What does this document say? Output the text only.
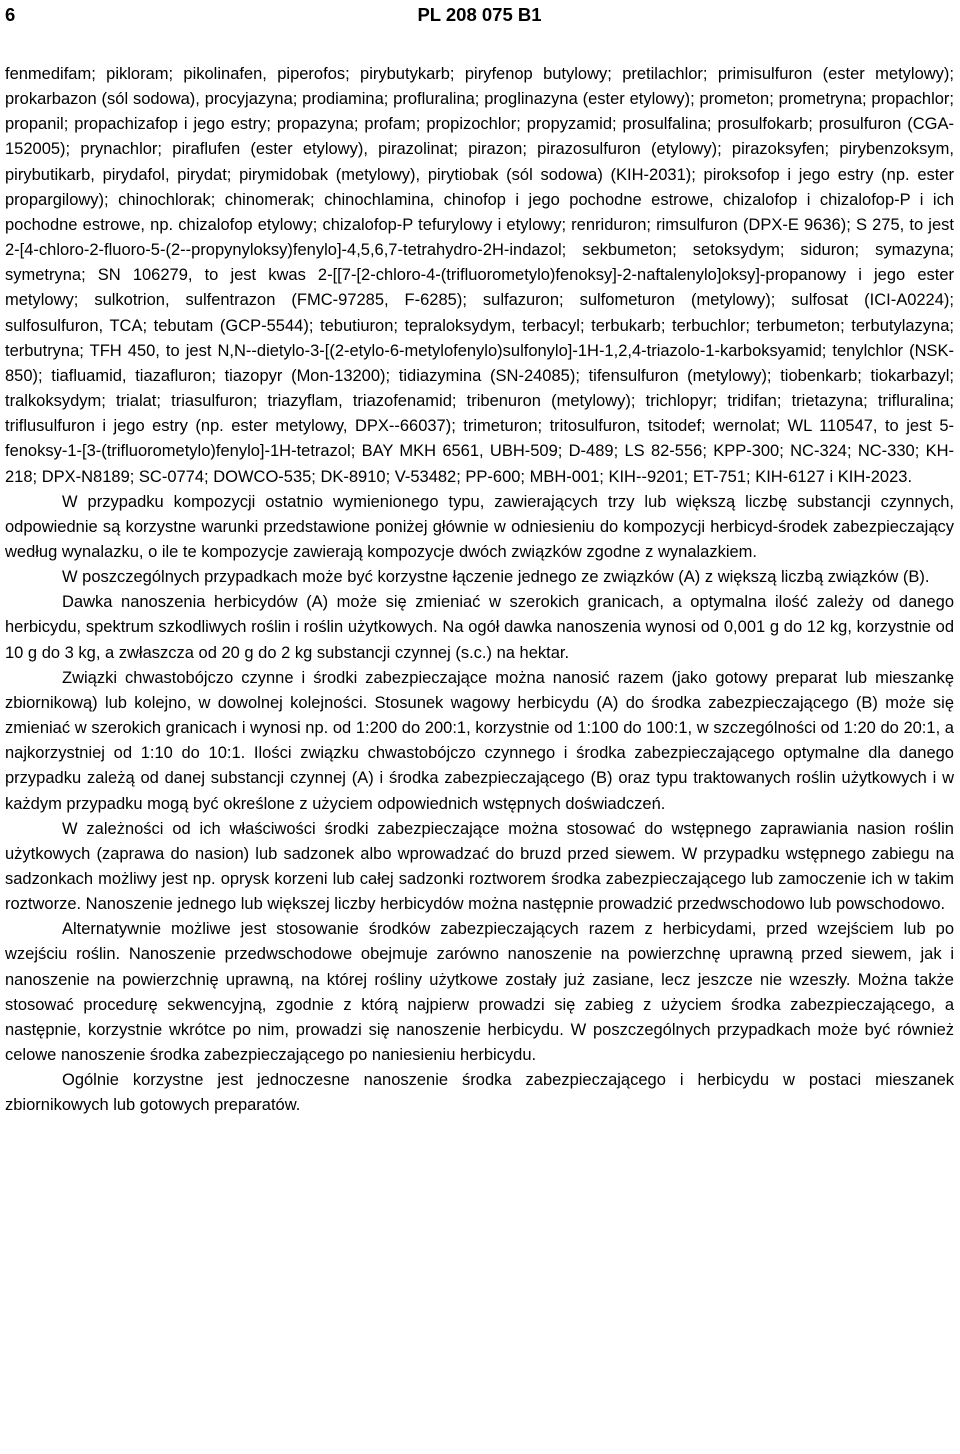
6	PL 208 075 B1

fenmedifam; pikloram; pikolinafen, piperofos; pirybutykarb; piryfenop butylowy; pretilachlor; primisulfuron (ester metylowy); prokarbazon (sól sodowa), procyjazyna; prodiamina; profluralina; proglinazyna (ester etylowy); prometon; prometryna; propachlor; propanil; propachizafop i jego estry; propazyna; profam; propizochlor; propyzamid; prosulfalina; prosulfokarb; prosulfuron (CGA-152005); prynachlor; piraflufen (ester etylowy), pirazolinat; pirazon; pirazosulfuron (etylowy); pirazoksyfen; pirybenzoksym, pirybutikarb, pirydafol, pirydat; pirymidobak (metylowy), pirytiobak (sól sodowa) (KIH-2031); piroksofop i jego estry (np. ester propargilowy); chinochlorak; chinomerak; chinochlamina, chinofop i jego pochodne estrowe, chizalofop i chizalofop-P i ich pochodne estrowe, np. chizalofop etylowy; chizalofop-P tefurylowy i etylowy; renriduron; rimsulfuron (DPX-E 9636); S 275, to jest 2-[4-chloro-2-fluoro-5-(2--propynyloksy)fenylo]-4,5,6,7-tetrahydro-2H-indazol; sekbumeton; setoksydym; siduron; symazyna; symetryna; SN 106279, to jest kwas 2-[[7-[2-chloro-4-(trifluorometylo)fenoksy]-2-naftalenylo]oksy]-propanowy i jego ester metylowy; sulkotrion, sulfentrazon (FMC-97285, F-6285); sulfazuron; sulfometuron (metylowy); sulfosat (ICI-A0224); sulfosulfuron, TCA; tebutam (GCP-5544); tebutiuron; tepraloksydym, terbacyl; terbukarb; terbuchlor; terbumeton; terbutylazyna; terbutryna; TFH 450, to jest N,N--dietylo-3-[(2-etylo-6-metylofenylo)sulfonylo]-1H-1,2,4-triazolo-1-karboksyamid; tenylchlor (NSK-850); tiafluamid, tiazafluron; tiazopyr (Mon-13200); tidiazymina (SN-24085); tifensulfuron (metylowy); tiobenkarb; tiokarbazyl; tralkoksydym; trialat; triasulfuron; triazyflam, triazofenamid; tribenuron (metylowy); trichlopyr; tridifan; trietazyna; trifluralina; triflusulfuron i jego estry (np. ester metylowy, DPX--66037); trimeturon; tritosulfuron, tsitodef; wernolat; WL 110547, to jest 5-fenoksy-1-[3-(trifluorometylo)fenylo]-1H-tetrazol; BAY MKH 6561, UBH-509; D-489; LS 82-556; KPP-300; NC-324; NC-330; KH-218; DPX-N8189; SC-0774; DOWCO-535; DK-8910; V-53482; PP-600; MBH-001; KIH--9201; ET-751; KIH-6127 i KIH-2023.

W przypadku kompozycji ostatnio wymienionego typu, zawierających trzy lub większą liczbę substancji czynnych, odpowiednie są korzystne warunki przedstawione poniżej głównie w odniesieniu do kompozycji herbicyd-środek zabezpieczający według wynalazku, o ile te kompozycje zawierają kompozycje dwóch związków zgodne z wynalazkiem.

W poszczególnych przypadkach może być korzystne łączenie jednego ze związków (A) z większą liczbą związków (B).

Dawka nanoszenia herbicydów (A) może się zmieniać w szerokich granicach, a optymalna ilość zależy od danego herbicydu, spektrum szkodliwych roślin i roślin użytkowych. Na ogół dawka nanoszenia wynosi od 0,001 g do 12 kg, korzystnie od 10 g do 3 kg, a zwłaszcza od 20 g do 2 kg substancji czynnej (s.c.) na hektar.

Związki chwastobójczo czynne i środki zabezpieczające można nanosić razem (jako gotowy preparat lub mieszankę zbiornikową) lub kolejno, w dowolnej kolejności. Stosunek wagowy herbicydu (A) do środka zabezpieczającego (B) może się zmieniać w szerokich granicach i wynosi np. od 1:200 do 200:1, korzystnie od 1:100 do 100:1, w szczególności od 1:20 do 20:1, a najkorzystniej od 1:10 do 10:1. Ilości związku chwastobójczo czynnego i środka zabezpieczającego optymalne dla danego przypadku zależą od danej substancji czynnej (A) i środka zabezpieczającego (B) oraz typu traktowanych roślin użytkowych i w każdym przypadku mogą być określone z użyciem odpowiednich wstępnych doświadczeń.

W zależności od ich właściwości środki zabezpieczające można stosować do wstępnego zaprawiania nasion roślin użytkowych (zaprawa do nasion) lub sadzonek albo wprowadzać do bruzd przed siewem. W przypadku wstępnego zabiegu na sadzonkach możliwy jest np. oprysk korzeni lub całej sadzonki roztworem środka zabezpieczającego lub zamoczenie ich w takim roztworze. Nanoszenie jednego lub większej liczby herbicydów można następnie prowadzić przedwschodowo lub powschodowo.

Alternatywnie możliwe jest stosowanie środków zabezpieczających razem z herbicydami, przed wzejściem lub po wzejściu roślin. Nanoszenie przedwschodowe obejmuje zarówno nanoszenie na powierzchnę uprawną przed siewem, jak i nanoszenie na powierzchnię uprawną, na której rośliny użytkowe zostały już zasiane, lecz jeszcze nie wzeszły. Można także stosować procedurę sekwencyjną, zgodnie z którą najpierw prowadzi się zabieg z użyciem środka zabezpieczającego, a następnie, korzystnie wkrótce po nim, prowadzi się nanoszenie herbicydu. W poszczególnych przypadkach może być również celowe nanoszenie środka zabezpieczającego po naniesieniu herbicydu.

Ogólnie korzystne jest jednoczesne nanoszenie środka zabezpieczającego i herbicydu w postaci mieszanek zbiornikowych lub gotowych preparatów.
